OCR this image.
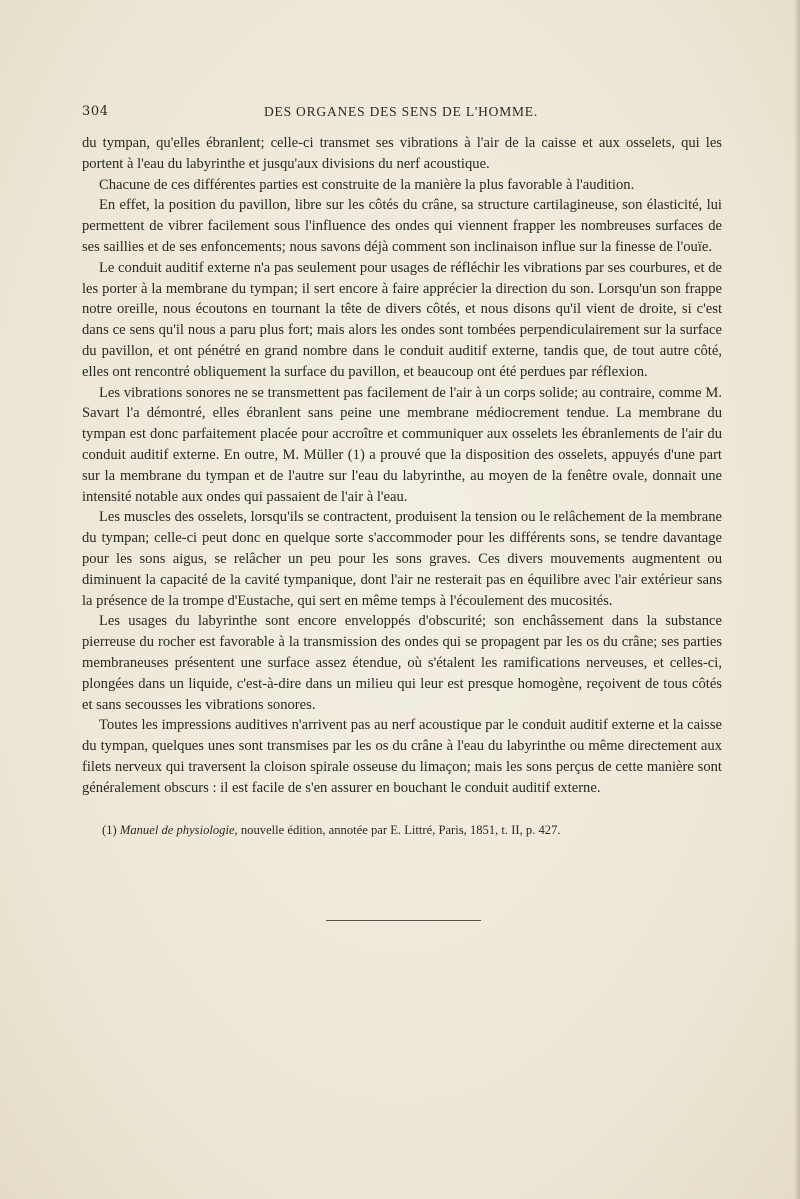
304	DES ORGANES DES SENS DE L'HOMME.

du tympan, qu'elles ébranlent; celle-ci transmet ses vibrations à l'air de la caisse et aux osselets, qui les portent à l'eau du labyrinthe et jusqu'aux divisions du nerf acoustique.

Chacune de ces différentes parties est construite de la manière la plus favorable à l'audition.

En effet, la position du pavillon, libre sur les côtés du crâne, sa structure cartilagineuse, son élasticité, lui permettent de vibrer facilement sous l'influence des ondes qui viennent frapper les nombreuses surfaces de ses saillies et de ses enfoncements; nous savons déjà comment son inclinaison influe sur la finesse de l'ouïe.

Le conduit auditif externe n'a pas seulement pour usages de réfléchir les vibrations par ses courbures, et de les porter à la membrane du tympan; il sert encore à faire apprécier la direction du son. Lorsqu'un son frappe notre oreille, nous écoutons en tournant la tête de divers côtés, et nous disons qu'il vient de droite, si c'est dans ce sens qu'il nous a paru plus fort; mais alors les ondes sont tombées perpendiculairement sur la surface du pavillon, et ont pénétré en grand nombre dans le conduit auditif externe, tandis que, de tout autre côté, elles ont rencontré obliquement la surface du pavillon, et beaucoup ont été perdues par réflexion.

Les vibrations sonores ne se transmettent pas facilement de l'air à un corps solide; au contraire, comme M. Savart l'a démontré, elles ébranlent sans peine une membrane médiocrement tendue. La membrane du tympan est donc parfaitement placée pour accroître et communiquer aux osselets les ébranlements de l'air du conduit auditif externe. En outre, M. Müller (1) a prouvé que la disposition des osselets, appuyés d'une part sur la membrane du tympan et de l'autre sur l'eau du labyrinthe, au moyen de la fenêtre ovale, donnait une intensité notable aux ondes qui passaient de l'air à l'eau.

Les muscles des osselets, lorsqu'ils se contractent, produisent la tension ou le relâchement de la membrane du tympan; celle-ci peut donc en quelque sorte s'accommoder pour les différents sons, se tendre davantage pour les sons aigus, se relâcher un peu pour les sons graves. Ces divers mouvements augmentent ou diminuent la capacité de la cavité tympanique, dont l'air ne resterait pas en équilibre avec l'air extérieur sans la présence de la trompe d'Eustache, qui sert en même temps à l'écoulement des mucosités.

Les usages du labyrinthe sont encore enveloppés d'obscurité; son enchâssement dans la substance pierreuse du rocher est favorable à la transmission des ondes qui se propagent par les os du crâne; ses parties membraneuses présentent une surface assez étendue, où s'étalent les ramifications nerveuses, et celles-ci, plongées dans un liquide, c'est-à-dire dans un milieu qui leur est presque homogène, reçoivent de tous côtés et sans secousses les vibrations sonores.

Toutes les impressions auditives n'arrivent pas au nerf acoustique par le conduit auditif externe et la caisse du tympan, quelques unes sont transmises par les os du crâne à l'eau du labyrinthe ou même directement aux filets nerveux qui traversent la cloison spirale osseuse du limaçon; mais les sons perçus de cette manière sont généralement obscurs : il est facile de s'en assurer en bouchant le conduit auditif externe.

(1) Manuel de physiologie, nouvelle édition, annotée par E. Littré, Paris, 1851, t. II, p. 427.
